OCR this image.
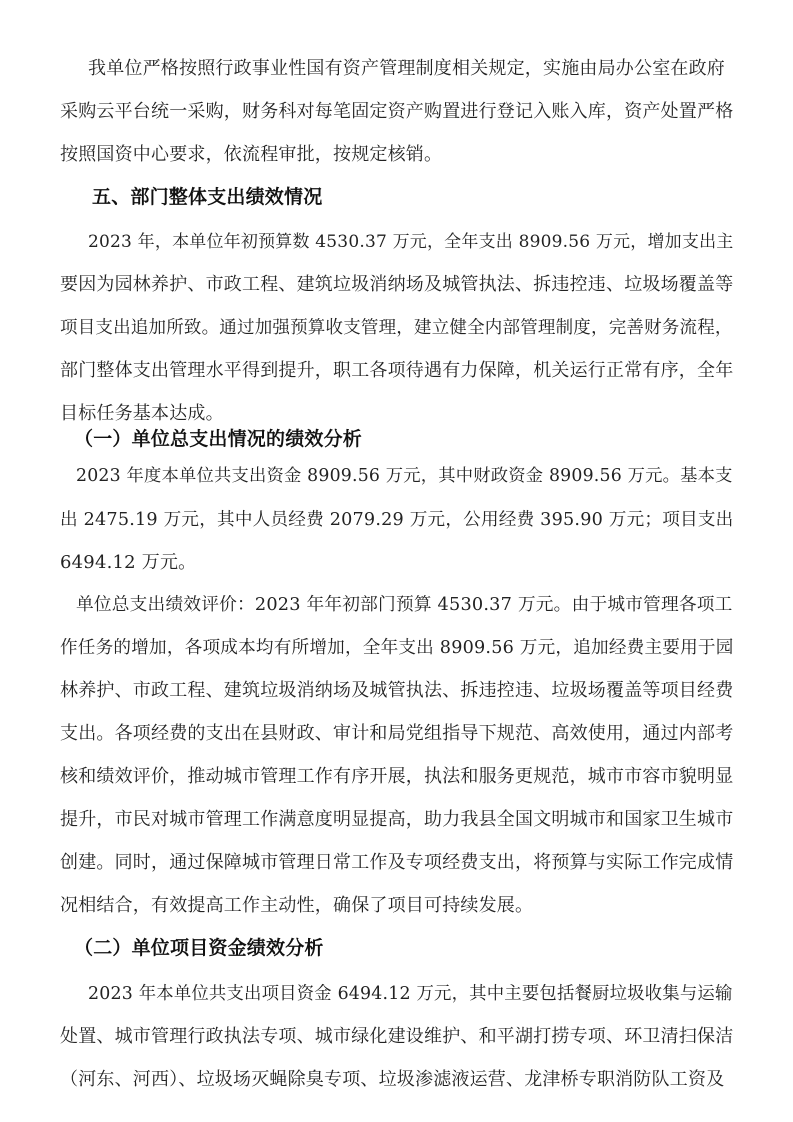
我单位严格按照行政事业性国有资产管理制度相关规定，实施由局办公室在政府
采购云平台统一采购，财务科对每笔固定资产购置进行登记入账入库，资产处置严格
按照国资中心要求，依流程审批，按规定核销。
五、部门整体支出绩效情况
2023 年，本单位年初预算数 4530.37 万元，全年支出 8909.56 万元，增加支出主
要因为园林养护、市政工程、建筑垃圾消纳场及城管执法、拆违控违、垃圾场覆盖等
项目支出追加所致。通过加强预算收支管理，建立健全内部管理制度，完善财务流程，
部门整体支出管理水平得到提升，职工各项待遇有力保障，机关运行正常有序，全年
目标任务基本达成。
（一）单位总支出情况的绩效分析
2023 年度本单位共支出资金 8909.56 万元，其中财政资金 8909.56 万元。基本支
出 2475.19 万元，其中人员经费 2079.29 万元，公用经费 395.90 万元；项目支出
6494.12 万元。
单位总支出绩效评价：2023 年年初部门预算 4530.37 万元。由于城市管理各项工
作任务的增加，各项成本均有所增加，全年支出 8909.56 万元，追加经费主要用于园
林养护、市政工程、建筑垃圾消纳场及城管执法、拆违控违、垃圾场覆盖等项目经费
支出。各项经费的支出在县财政、审计和局党组指导下规范、高效使用，通过内部考
核和绩效评价，推动城市管理工作有序开展，执法和服务更规范，城市市容市貌明显
提升，市民对城市管理工作满意度明显提高，助力我县全国文明城市和国家卫生城市
创建。同时，通过保障城市管理日常工作及专项经费支出，将预算与实际工作完成情
况相结合，有效提高工作主动性，确保了项目可持续发展。
（二）单位项目资金绩效分析
2023 年本单位共支出项目资金 6494.12 万元，其中主要包括餐厨垃圾收集与运输
处置、城市管理行政执法专项、城市绿化建设维护、和平湖打捞专项、环卫清扫保洁
（河东、河西）、垃圾场灭蝇除臭专项、垃圾渗滤液运营、龙津桥专职消防队工资及
